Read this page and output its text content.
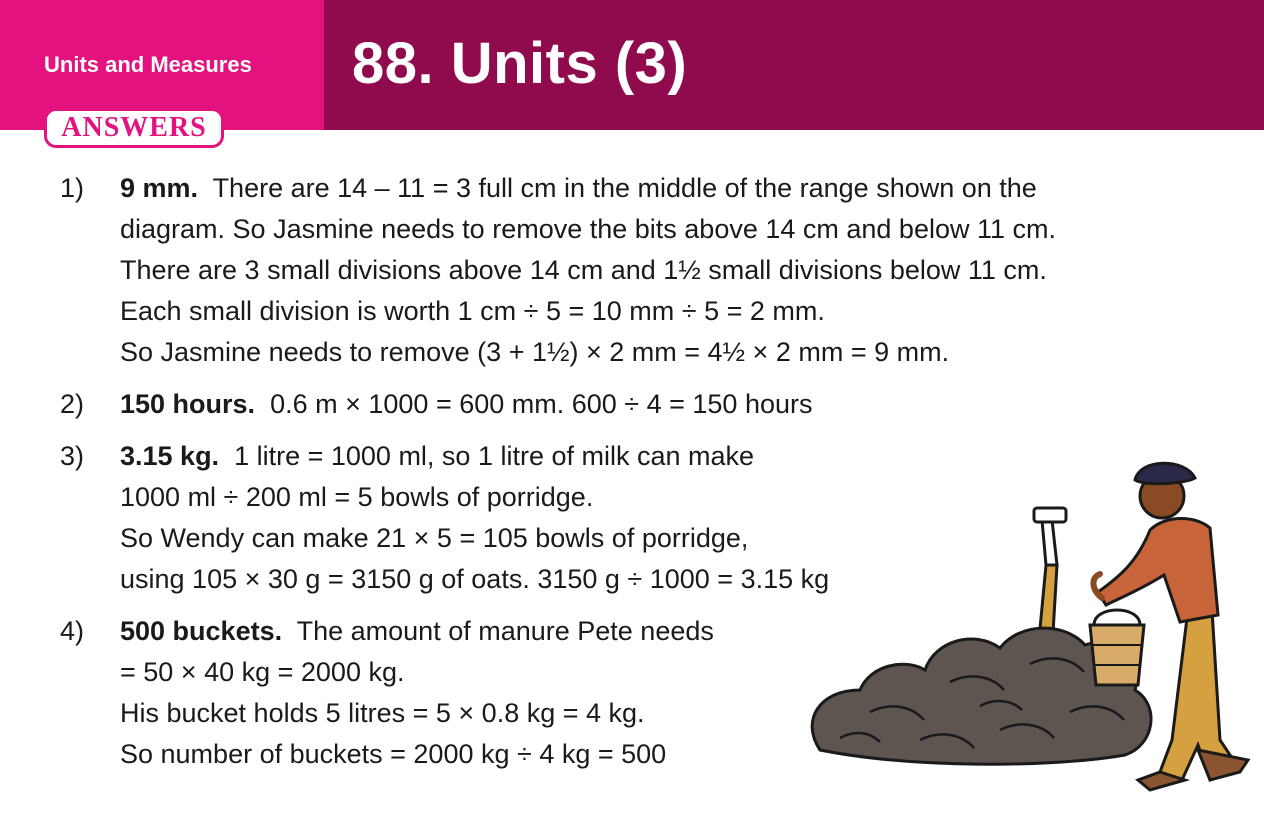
Units and Measures 88. Units (3)
ANSWERS
1) 9 mm. There are 14 – 11 = 3 full cm in the middle of the range shown on the
diagram. So Jasmine needs to remove the bits above 14 cm and below 11 cm.
There are 3 small divisions above 14 cm and 1½ small divisions below 11 cm.
Each small division is worth 1 cm ÷ 5 = 10 mm ÷ 5 = 2 mm.
So Jasmine needs to remove (3 + 1½) × 2 mm = 4½ × 2 mm = 9 mm.
2) 150 hours. 0.6 m × 1000 = 600 mm. 600 ÷ 4 = 150 hours
3) 3.15 kg. 1 litre = 1000 ml, so 1 litre of milk can make
1000 ml ÷ 200 ml = 5 bowls of porridge.
So Wendy can make 21 × 5 = 105 bowls of porridge,
using 105 × 30 g = 3150 g of oats. 3150 g ÷ 1000 = 3.15 kg
4) 500 buckets. The amount of manure Pete needs
= 50 × 40 kg = 2000 kg.
His bucket holds 5 litres = 5 × 0.8 kg = 4 kg.
So number of buckets = 2000 kg ÷ 4 kg = 500
